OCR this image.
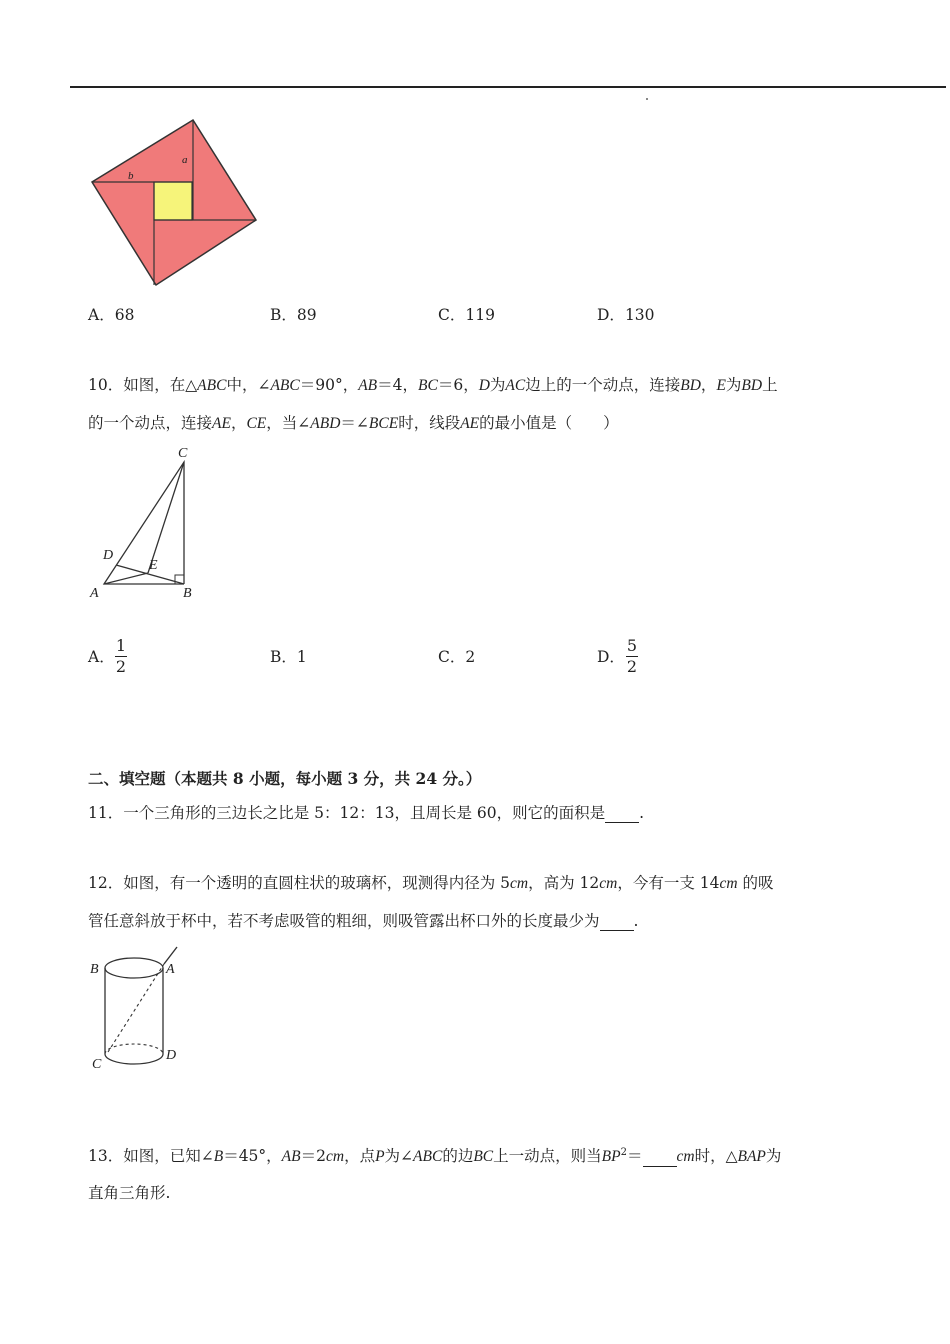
a
b
A．68	B．89	C．119	D．130
10．如图，在△ABC中，∠ABC＝90°，AB＝4，BC＝6，D为AC边上的一个动点，连接BD，E为BD上
的一个动点，连接AE，CE，当∠ABD＝∠BCE时，线段AE的最小值是（　　）
C
D
E
A	B
A．
1
2	B．1	C．2	D．
5
2
二、填空题（本题共 8 小题，每小题 3 分，共 24 分。）
11．一个三角形的三边长之比是 5：12：13，且周长是 60，则它的面积是 .
12．如图，有一个透明的直圆柱状的玻璃杯，现测得内径为 5cm，高为 12cm，今有一支 14cm 的吸
管任意斜放于杯中，若不考虑吸管的粗细，则吸管露出杯口外的长度最少为 .
B	A
C
D
13．如图，已知∠B＝45°，AB＝2cm，点P为∠ABC的边BC上一动点，则当$BP^2=$ cm时，△BAP为
直角三角形.
